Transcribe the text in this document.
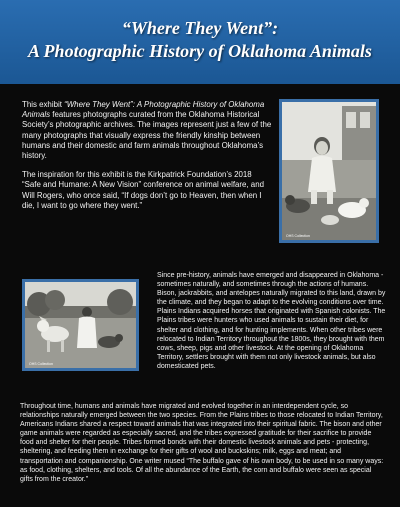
“Where They Went”:
A Photographic History of Oklahoma Animals

This exhibit “Where They Went”: A Photographic History of Oklahoma Animals features photographs curated from the Oklahoma Historical Society’s photographic archives. The images represent just a few of the many photographs that visually express the friendly kinship between humans and their domestic and farm animals throughout Oklahoma’s history.

The inspiration for this exhibit is the Kirkpatrick Foundation’s 2018 “Safe and Humane: A New Vision” conference on animal welfare, and Will Rogers, who once said, “If dogs don’t go to Heaven, then when I die, I want to go where they went.”

OHS Collection
OHS Collection
Since pre-history, animals have emerged and disappeared in Oklahoma - sometimes naturally, and sometimes through the actions of humans. Bison, jackrabbits, and antelopes naturally migrated to this land, drawn by the climate, and they began to adapt to the evolving conditions over time. Plains Indians acquired horses that originated with Spanish colonists. The Plains tribes were hunters who used animals to sustain their diet, for shelter and clothing, and for hunting implements. When other tribes were relocated to Indian Territory throughout the 1800s, they brought with them cows, sheep, pigs and other livestock. At the opening of Oklahoma Territory, settlers brought with them not only livestock animals, but also domesticated pets.
Throughout time, humans and animals have migrated and evolved together in an interdependent cycle, so relationships naturally emerged between the two species. From the Plains tribes to those relocated to Indian Territory, Americans Indians shared a respect toward animals that was integrated into their spiritual fabric. The bison and other game animals were regarded as especially sacred, and the tribes expressed gratitude for their sacrifice to provide food and shelter for their people. Tribes formed bonds with their domestic livestock animals and pets - protecting, sheltering, and feeding them in exchange for their gifts of wool and buckskins; milk, eggs and meat; and transportation and companionship. One writer mused “The buffalo gave of his own body, to be used in so many ways: as food, clothing, shelters, and tools. Of all the abundance of the Earth, the corn and buffalo were seen as special gifts from the creator.”
